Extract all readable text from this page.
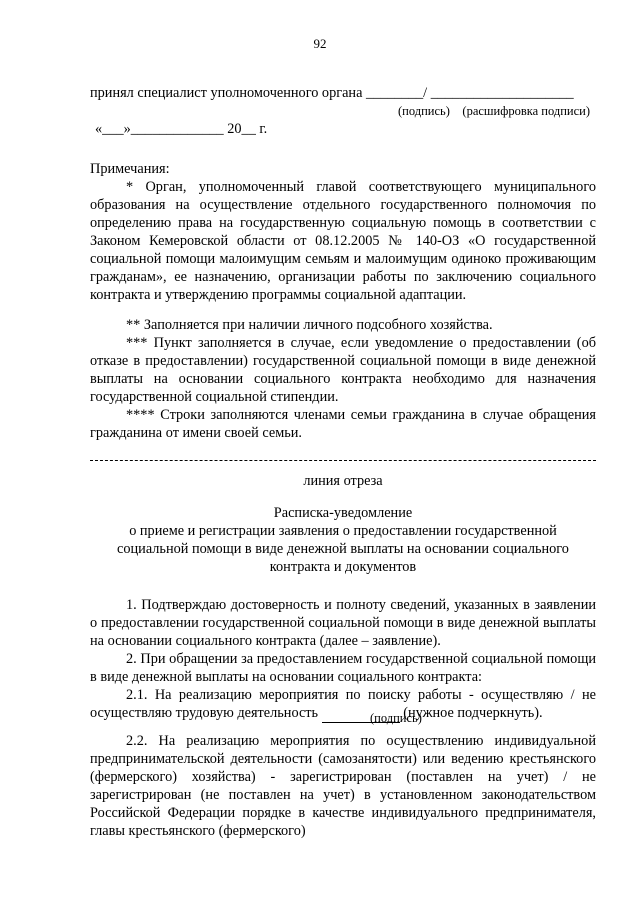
92
принял специалист уполномоченного органа ________/ ____________________
(подпись) (расшифровка подписи)
«___»_____________ 20__ г.
Примечания:

* Орган, уполномоченный главой соответствующего муниципального образования на осуществление отдельного государственного полномочия по определению права на государственную социальную помощь в соответствии с Законом Кемеровской области от 08.12.2005 № 140-ОЗ «О государственной социальной помощи малоимущим семьям и малоимущим одиноко проживающим гражданам», ее назначению, организации работы по заключению социального контракта и утверждению программы социальной адаптации.

** Заполняется при наличии личного подсобного хозяйства.

*** Пункт заполняется в случае, если уведомление о предоставлении (об отказе в предоставлении) государственной социальной помощи в виде денежной выплаты на основании социального контракта необходимо для назначения государственной социальной стипендии.

**** Строки заполняются членами семьи гражданина в случае обращения гражданина от имени своей семьи.

линия отреза
Расписка-уведомление
о приеме и регистрации заявления о предоставлении государственной
социальной помощи в виде денежной выплаты на основании социального
контракта и документов

1. Подтверждаю достоверность и полноту сведений, указанных в заявлении о предоставлении государственной социальной помощи в виде денежной выплаты на основании социального контракта (далее – заявление).

2. При обращении за предоставлением государственной социальной помощи в виде денежной выплаты на основании социального контракта:

2.1. На реализацию мероприятия по поиску работы - осуществляю / не осуществляю трудовую деятельность	(нужное подчеркнуть).

(подпись)

2.2. На реализацию мероприятия по осуществлению индивидуальной предпринимательской деятельности (самозанятости) или ведению крестьянского (фермерского) хозяйства) - зарегистрирован (поставлен на учет) / не зарегистрирован (не поставлен на учет) в установленном законодательством Российской Федерации порядке в качестве индивидуального предпринимателя, главы крестьянского (фермерского)
